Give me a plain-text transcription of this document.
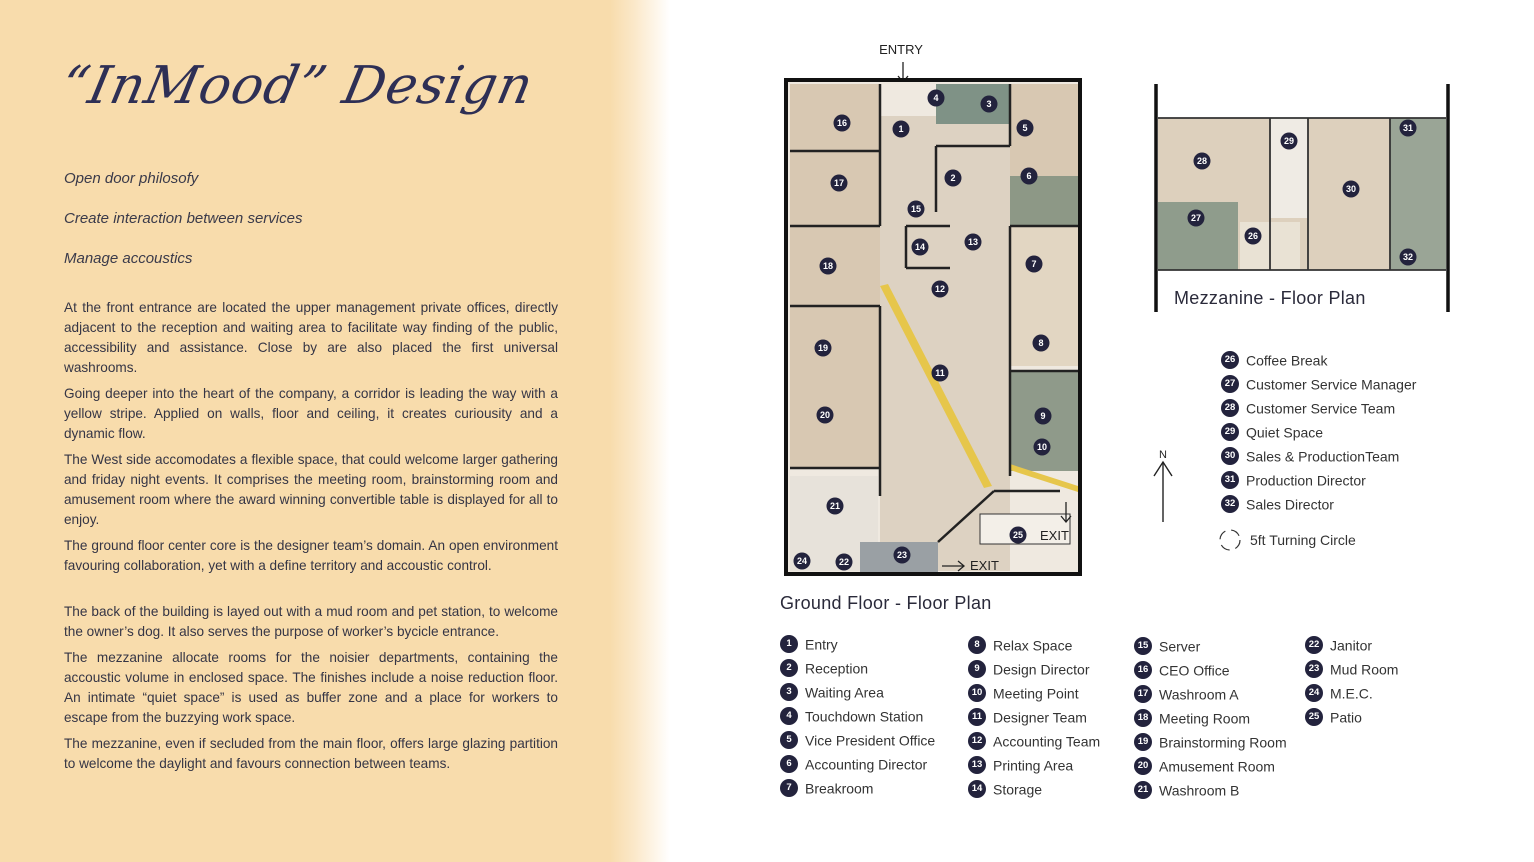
“InMood” Design
Open door philosofy
Create interaction between services
Manage accoustics

At the front entrance are located the upper management private offices, directly adjacent to the reception and waiting area to facilitate way finding of the public, accessibility and assistance. Close by are also placed the first universal washrooms.

Going deeper into the heart of the company, a corridor is leading the way with a yellow stripe. Applied on walls, floor and ceiling, it creates curiousity and a dynamic flow.

The West side accomodates a flexible space, that could welcome larger gathering and friday night events. It comprises the meeting room, brainstorming room and amusement room where the award winning convertible table is displayed for all to enjoy.

The ground floor center core is the designer team’s domain. An open environment favouring collaboration, yet with a define territory and accoustic control.

The back of the building is layed out with a mud room and pet station, to welcome the owner’s dog. It also serves the purpose of worker’s bycicle entrance.

The mezzanine allocate rooms for the noisier departments, containing the accoustic volume in enclosed space. The finishes include a noise reduction floor. An intimate “quiet space” is used as buffer zone and a place for workers to escape from the buzzying work space.

The mezzanine, even if secluded from the main floor, offers large glazing partition to welcome the daylight and favours connection between teams.

ENTRY
1
2
3
4
5
6
7
8
9
10
11
12
13
14
15
16
17
18
19
20
21
22
23
24
25 EXIT
EXIT
26
27
28
29
30
31
32
Mezzanine - Floor Plan
Ground Floor - Floor Plan
N
1 Entry
2 Reception
3 Waiting Area
4 Touchdown Station
5 Vice President Office
6 Accounting Director
7 Breakroom
8 Relax Space
9 Design Director
10 Meeting Point
11 Designer Team
12 Accounting Team
13 Printing Area
14 Storage
15 Server
16 CEO Office
17 Washroom A
18 Meeting Room
19 Brainstorming Room
20 Amusement Room
21 Washroom B
22 Janitor
23 Mud Room
24 M.E.C.
25 Patio
26 Coffee Break
27 Customer Service Manager
28 Customer Service Team
29 Quiet Space
30 Sales & ProductionTeam
31 Production Director
32 Sales Director
5ft Turning Circle
